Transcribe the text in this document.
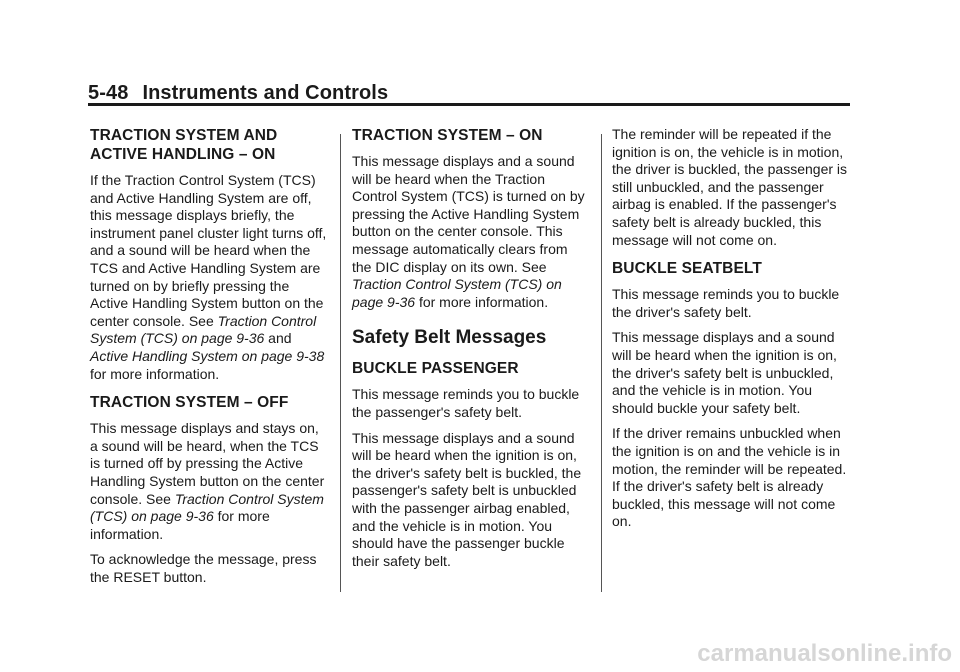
5-48 Instruments and Controls
TRACTION SYSTEM AND ACTIVE HANDLING – ON

If the Traction Control System (TCS) and Active Handling System are off, this message displays briefly, the instrument panel cluster light turns off, and a sound will be heard when the TCS and Active Handling System are turned on by briefly pressing the Active Handling System button on the center console. See Traction Control System (TCS) on page 9-36 and Active Handling System on page 9-38 for more information.

TRACTION SYSTEM – OFF

This message displays and stays on, a sound will be heard, when the TCS is turned off by pressing the Active Handling System button on the center console. See Traction Control System (TCS) on page 9-36 for more information.

To acknowledge the message, press the RESET button.

TRACTION SYSTEM – ON

This message displays and a sound will be heard when the Traction Control System (TCS) is turned on by pressing the Active Handling System button on the center console. This message automatically clears from the DIC display on its own. See Traction Control System (TCS) on page 9-36 for more information.

Safety Belt Messages
BUCKLE PASSENGER

This message reminds you to buckle the passenger's safety belt.

This message displays and a sound will be heard when the ignition is on, the driver's safety belt is buckled, the passenger's safety belt is unbuckled with the passenger airbag enabled, and the vehicle is in motion. You should have the passenger buckle their safety belt.

The reminder will be repeated if the ignition is on, the vehicle is in motion, the driver is buckled, the passenger is still unbuckled, and the passenger airbag is enabled. If the passenger's safety belt is already buckled, this message will not come on.

BUCKLE SEATBELT

This message reminds you to buckle the driver's safety belt.

This message displays and a sound will be heard when the ignition is on, the driver's safety belt is unbuckled, and the vehicle is in motion. You should buckle your safety belt.

If the driver remains unbuckled when the ignition is on and the vehicle is in motion, the reminder will be repeated. If the driver's safety belt is already buckled, this message will not come on.

carmanualsonline.info
